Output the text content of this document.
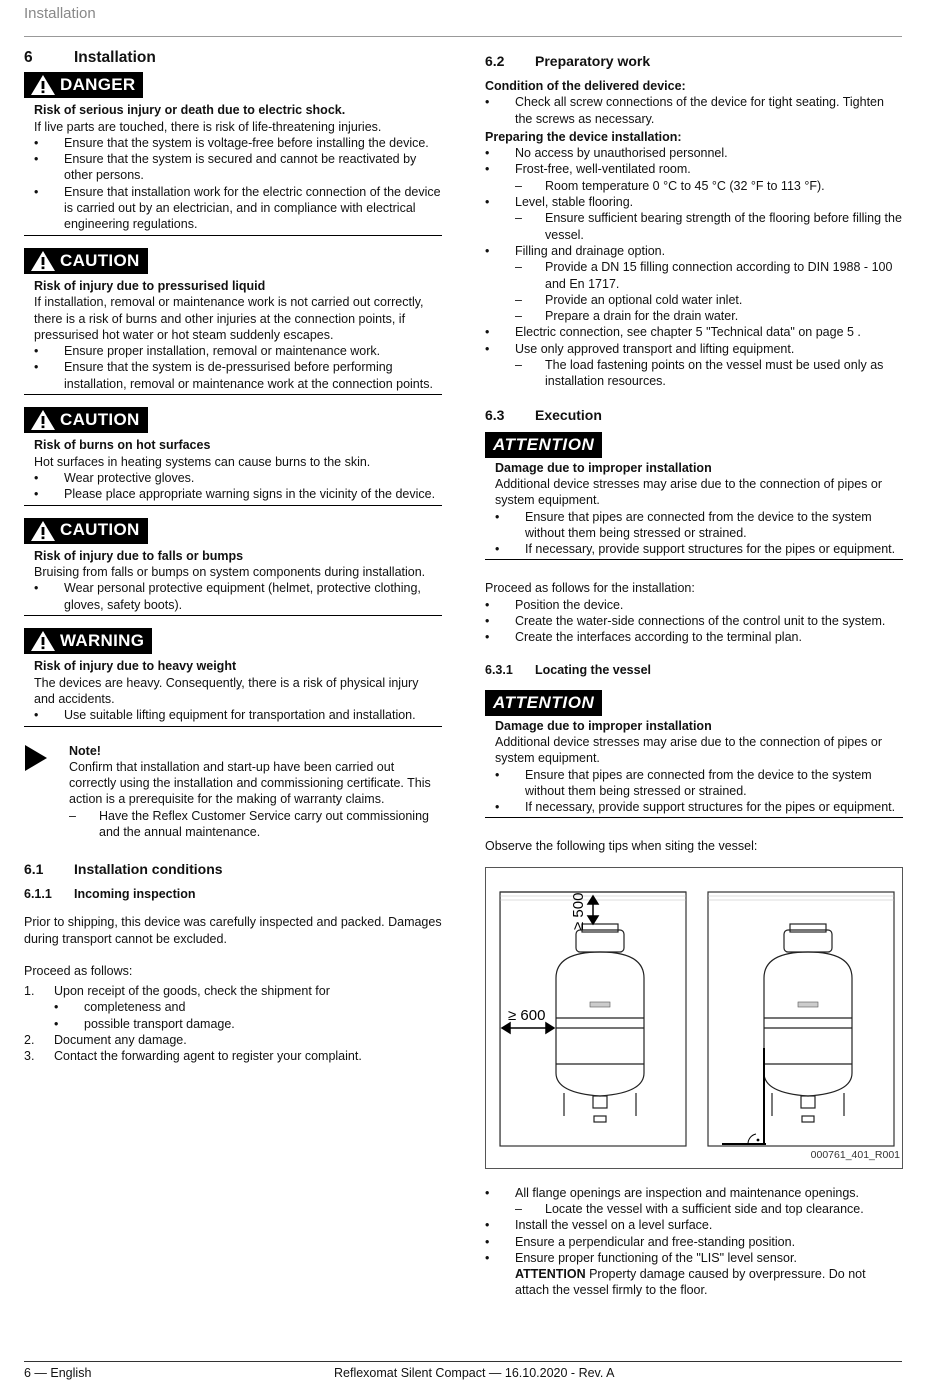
Installation
6	Installation
DANGER

Risk of serious injury or death due to electric shock.

If live parts are touched, there is risk of life-threatening injuries.

•	Ensure that the system is voltage-free before installing the device.
•	Ensure that the system is secured and cannot be reactivated by other persons.
•	Ensure that installation work for the electric connection of the device is carried out by an electrician, and in compliance with electrical engineering regulations.
CAUTION

Risk of injury due to pressurised liquid

If installation, removal or maintenance work is not carried out correctly, there is a risk of burns and other injuries at the connection points, if pressurised hot water or hot steam suddenly escapes.

•	Ensure proper installation, removal or maintenance work.
•	Ensure that the system is de-pressurised before performing installation, removal or maintenance work at the connection points.
CAUTION

Risk of burns on hot surfaces

Hot surfaces in heating systems can cause burns to the skin.

•	Wear protective gloves.
•	Please place appropriate warning signs in the vicinity of the device.
CAUTION

Risk of injury due to falls or bumps

Bruising from falls or bumps on system components during installation.

•	Wear personal protective equipment (helmet, protective clothing, gloves, safety boots).
WARNING

Risk of injury due to heavy weight

The devices are heavy. Consequently, there is a risk of physical injury and accidents.

•	Use suitable lifting equipment for transportation and installation.

Note!

Confirm that installation and start-up have been carried out correctly using the installation and commissioning certificate. This action is a prerequisite for the making of warranty claims.

–	Have the Reflex Customer Service carry out commissioning and the annual maintenance.
6.1	Installation conditions
6.1.1	Incoming inspection

Prior to shipping, this device was carefully inspected and packed. Damages during transport cannot be excluded.

Proceed as follows:

1.	Upon receipt of the goods, check the shipment for
•	completeness and
•	possible transport damage.
2.	Document any damage.
3.	Contact the forwarding agent to register your complaint.
6.2	Preparatory work

Condition of the delivered device:

•	Check all screw connections of the device for tight seating. Tighten the screws as necessary.

Preparing the device installation:

•	No access by unauthorised personnel.
•	Frost-free, well-ventilated room.
–	Room temperature 0 °C to 45 °C (32 °F to 113 °F).
•	Level, stable flooring.
–	Ensure sufficient bearing strength of the flooring before filling the vessel.
•	Filling and drainage option.
–	Provide a DN 15 filling connection according to DIN 1988 - 100 and En 1717.
–	Provide an optional cold water inlet.
–	Prepare a drain for the drain water.
•	Electric connection, see chapter 5 "Technical data" on page 5 .
•	Use only approved transport and lifting equipment.
–	The load fastening points on the vessel must be used only as installation resources.
6.3	Execution
ATTENTION

Damage due to improper installation

Additional device stresses may arise due to the connection of pipes or system equipment.

•	Ensure that pipes are connected from the device to the system without them being stressed or strained.
•	If necessary, provide support structures for the pipes or equipment.

Proceed as follows for the installation:

•	Position the device.
•	Create the water-side connections of the control unit to the system.
•	Create the interfaces according to the terminal plan.
6.3.1	Locating the vessel
ATTENTION

Damage due to improper installation

Additional device stresses may arise due to the connection of pipes or system equipment.

•	Ensure that pipes are connected from the device to the system without them being stressed or strained.
•	If necessary, provide support structures for the pipes or equipment.

Observe the following tips when siting the vessel:

≥ 500
≥ 600
000761_401_R001
•	All flange openings are inspection and maintenance openings.
–	Locate the vessel with a sufficient side and top clearance.
•	Install the vessel on a level surface.
•	Ensure a perpendicular and free-standing position.
•	Ensure proper functioning of the "LIS" level sensor.
ATTENTION Property damage caused by overpressure. Do not attach the vessel firmly to the floor.
6 — English	Reflexomat Silent Compact — 16.10.2020 - Rev. A
